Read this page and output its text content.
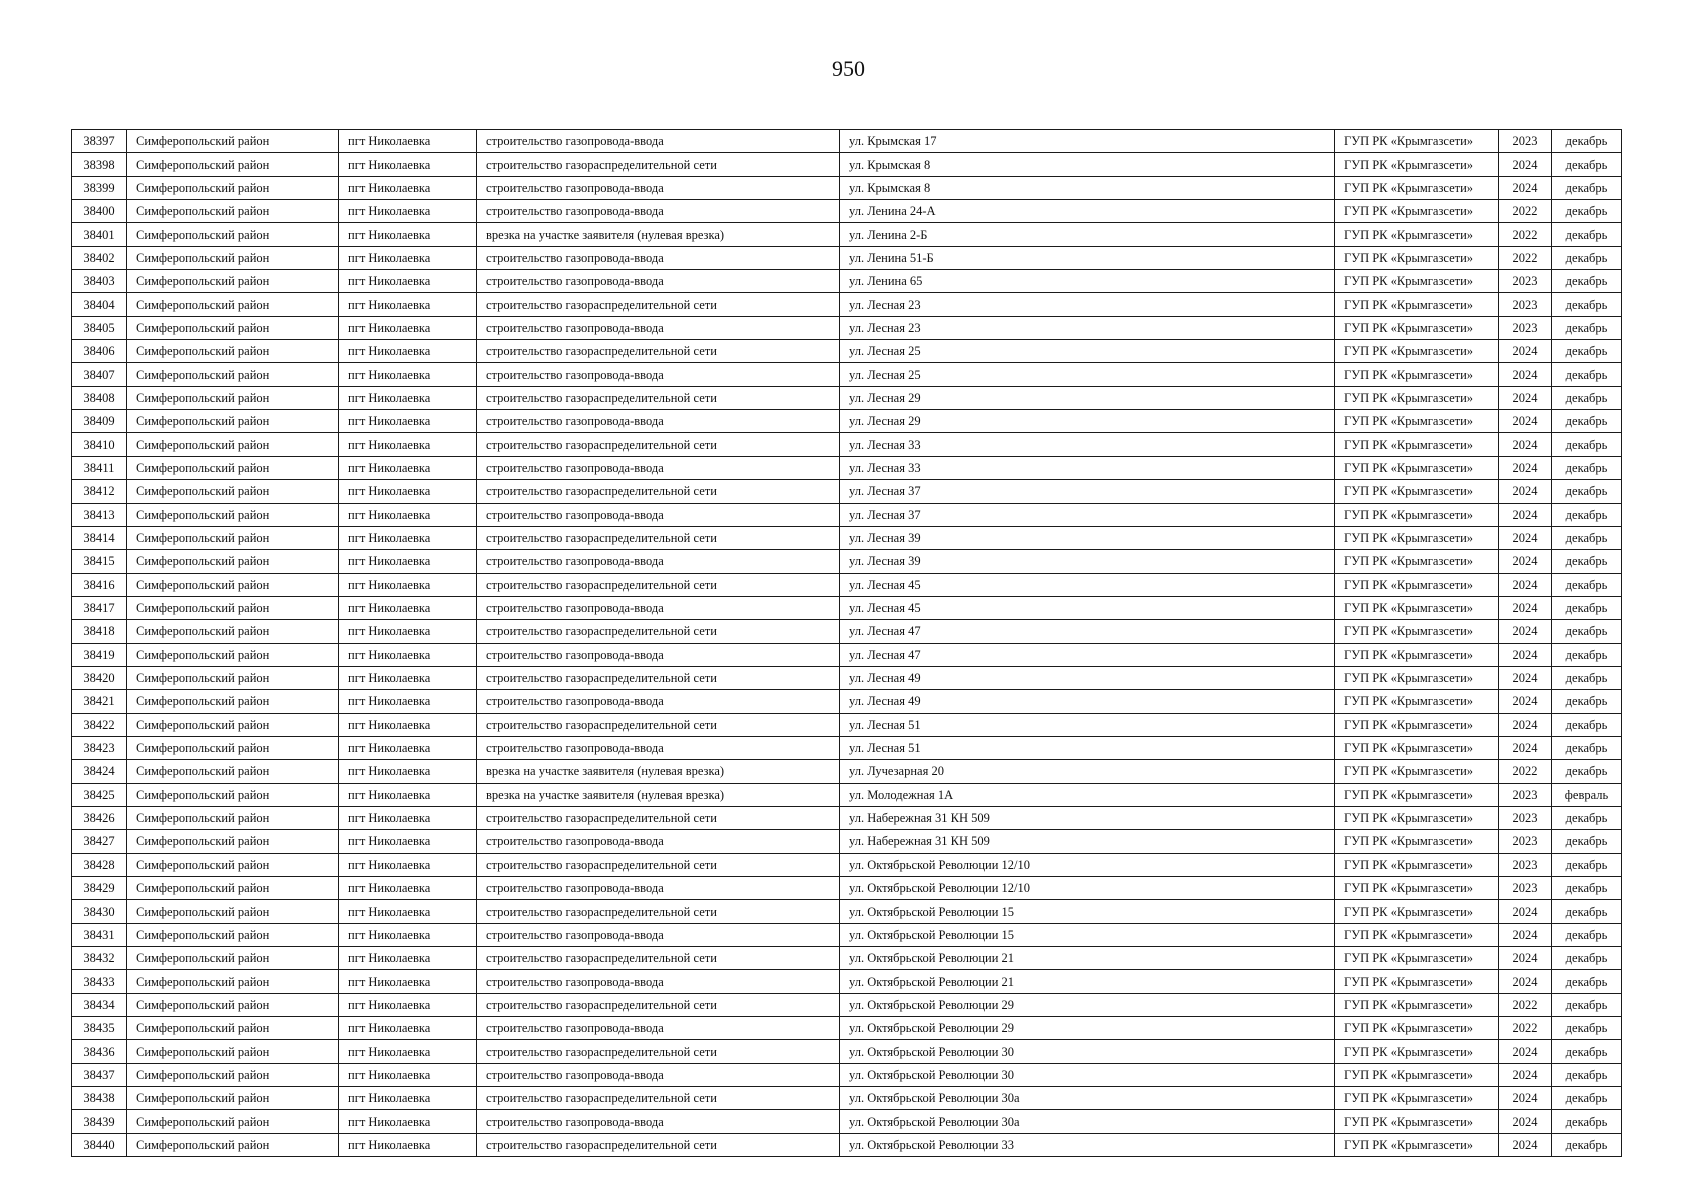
950
38397	Симферопольский район	пгт Николаевка	строительство газопровода-ввода	ул. Крымская 17	ГУП РК «Крымгазсети»	2023	декабрь
38398	Симферопольский район	пгт Николаевка	строительство газораспределительной сети	ул. Крымская 8	ГУП РК «Крымгазсети»	2024	декабрь
38399	Симферопольский район	пгт Николаевка	строительство газопровода-ввода	ул. Крымская 8	ГУП РК «Крымгазсети»	2024	декабрь
38400	Симферопольский район	пгт Николаевка	строительство газопровода-ввода	ул. Ленина 24-А	ГУП РК «Крымгазсети»	2022	декабрь
38401	Симферопольский район	пгт Николаевка	врезка на участке заявителя (нулевая врезка)	ул. Ленина 2-Б	ГУП РК «Крымгазсети»	2022	декабрь
38402	Симферопольский район	пгт Николаевка	строительство газопровода-ввода	ул. Ленина 51-Б	ГУП РК «Крымгазсети»	2022	декабрь
38403	Симферопольский район	пгт Николаевка	строительство газопровода-ввода	ул. Ленина 65	ГУП РК «Крымгазсети»	2023	декабрь
38404	Симферопольский район	пгт Николаевка	строительство газораспределительной сети	ул. Лесная 23	ГУП РК «Крымгазсети»	2023	декабрь
38405	Симферопольский район	пгт Николаевка	строительство газопровода-ввода	ул. Лесная 23	ГУП РК «Крымгазсети»	2023	декабрь
38406	Симферопольский район	пгт Николаевка	строительство газораспределительной сети	ул. Лесная 25	ГУП РК «Крымгазсети»	2024	декабрь
38407	Симферопольский район	пгт Николаевка	строительство газопровода-ввода	ул. Лесная 25	ГУП РК «Крымгазсети»	2024	декабрь
38408	Симферопольский район	пгт Николаевка	строительство газораспределительной сети	ул. Лесная 29	ГУП РК «Крымгазсети»	2024	декабрь
38409	Симферопольский район	пгт Николаевка	строительство газопровода-ввода	ул. Лесная 29	ГУП РК «Крымгазсети»	2024	декабрь
38410	Симферопольский район	пгт Николаевка	строительство газораспределительной сети	ул. Лесная 33	ГУП РК «Крымгазсети»	2024	декабрь
38411	Симферопольский район	пгт Николаевка	строительство газопровода-ввода	ул. Лесная 33	ГУП РК «Крымгазсети»	2024	декабрь
38412	Симферопольский район	пгт Николаевка	строительство газораспределительной сети	ул. Лесная 37	ГУП РК «Крымгазсети»	2024	декабрь
38413	Симферопольский район	пгт Николаевка	строительство газопровода-ввода	ул. Лесная 37	ГУП РК «Крымгазсети»	2024	декабрь
38414	Симферопольский район	пгт Николаевка	строительство газораспределительной сети	ул. Лесная 39	ГУП РК «Крымгазсети»	2024	декабрь
38415	Симферопольский район	пгт Николаевка	строительство газопровода-ввода	ул. Лесная 39	ГУП РК «Крымгазсети»	2024	декабрь
38416	Симферопольский район	пгт Николаевка	строительство газораспределительной сети	ул. Лесная 45	ГУП РК «Крымгазсети»	2024	декабрь
38417	Симферопольский район	пгт Николаевка	строительство газопровода-ввода	ул. Лесная 45	ГУП РК «Крымгазсети»	2024	декабрь
38418	Симферопольский район	пгт Николаевка	строительство газораспределительной сети	ул. Лесная 47	ГУП РК «Крымгазсети»	2024	декабрь
38419	Симферопольский район	пгт Николаевка	строительство газопровода-ввода	ул. Лесная 47	ГУП РК «Крымгазсети»	2024	декабрь
38420	Симферопольский район	пгт Николаевка	строительство газораспределительной сети	ул. Лесная 49	ГУП РК «Крымгазсети»	2024	декабрь
38421	Симферопольский район	пгт Николаевка	строительство газопровода-ввода	ул. Лесная 49	ГУП РК «Крымгазсети»	2024	декабрь
38422	Симферопольский район	пгт Николаевка	строительство газораспределительной сети	ул. Лесная 51	ГУП РК «Крымгазсети»	2024	декабрь
38423	Симферопольский район	пгт Николаевка	строительство газопровода-ввода	ул. Лесная 51	ГУП РК «Крымгазсети»	2024	декабрь
38424	Симферопольский район	пгт Николаевка	врезка на участке заявителя (нулевая врезка)	ул. Лучезарная 20	ГУП РК «Крымгазсети»	2022	декабрь
38425	Симферопольский район	пгт Николаевка	врезка на участке заявителя (нулевая врезка)	ул. Молодежная 1А	ГУП РК «Крымгазсети»	2023	февраль
38426	Симферопольский район	пгт Николаевка	строительство газораспределительной сети	ул. Набережная 31 КН 509	ГУП РК «Крымгазсети»	2023	декабрь
38427	Симферопольский район	пгт Николаевка	строительство газопровода-ввода	ул. Набережная 31 КН 509	ГУП РК «Крымгазсети»	2023	декабрь
38428	Симферопольский район	пгт Николаевка	строительство газораспределительной сети	ул. Октябрьской Революции 12/10	ГУП РК «Крымгазсети»	2023	декабрь
38429	Симферопольский район	пгт Николаевка	строительство газопровода-ввода	ул. Октябрьской Революции 12/10	ГУП РК «Крымгазсети»	2023	декабрь
38430	Симферопольский район	пгт Николаевка	строительство газораспределительной сети	ул. Октябрьской Революции 15	ГУП РК «Крымгазсети»	2024	декабрь
38431	Симферопольский район	пгт Николаевка	строительство газопровода-ввода	ул. Октябрьской Революции 15	ГУП РК «Крымгазсети»	2024	декабрь
38432	Симферопольский район	пгт Николаевка	строительство газораспределительной сети	ул. Октябрьской Революции 21	ГУП РК «Крымгазсети»	2024	декабрь
38433	Симферопольский район	пгт Николаевка	строительство газопровода-ввода	ул. Октябрьской Революции 21	ГУП РК «Крымгазсети»	2024	декабрь
38434	Симферопольский район	пгт Николаевка	строительство газораспределительной сети	ул. Октябрьской Революции 29	ГУП РК «Крымгазсети»	2022	декабрь
38435	Симферопольский район	пгт Николаевка	строительство газопровода-ввода	ул. Октябрьской Революции 29	ГУП РК «Крымгазсети»	2022	декабрь
38436	Симферопольский район	пгт Николаевка	строительство газораспределительной сети	ул. Октябрьской Революции 30	ГУП РК «Крымгазсети»	2024	декабрь
38437	Симферопольский район	пгт Николаевка	строительство газопровода-ввода	ул. Октябрьской Революции 30	ГУП РК «Крымгазсети»	2024	декабрь
38438	Симферопольский район	пгт Николаевка	строительство газораспределительной сети	ул. Октябрьской Революции 30а	ГУП РК «Крымгазсети»	2024	декабрь
38439	Симферопольский район	пгт Николаевка	строительство газопровода-ввода	ул. Октябрьской Революции 30а	ГУП РК «Крымгазсети»	2024	декабрь
38440	Симферопольский район	пгт Николаевка	строительство газораспределительной сети	ул. Октябрьской Революции 33	ГУП РК «Крымгазсети»	2024	декабрь
